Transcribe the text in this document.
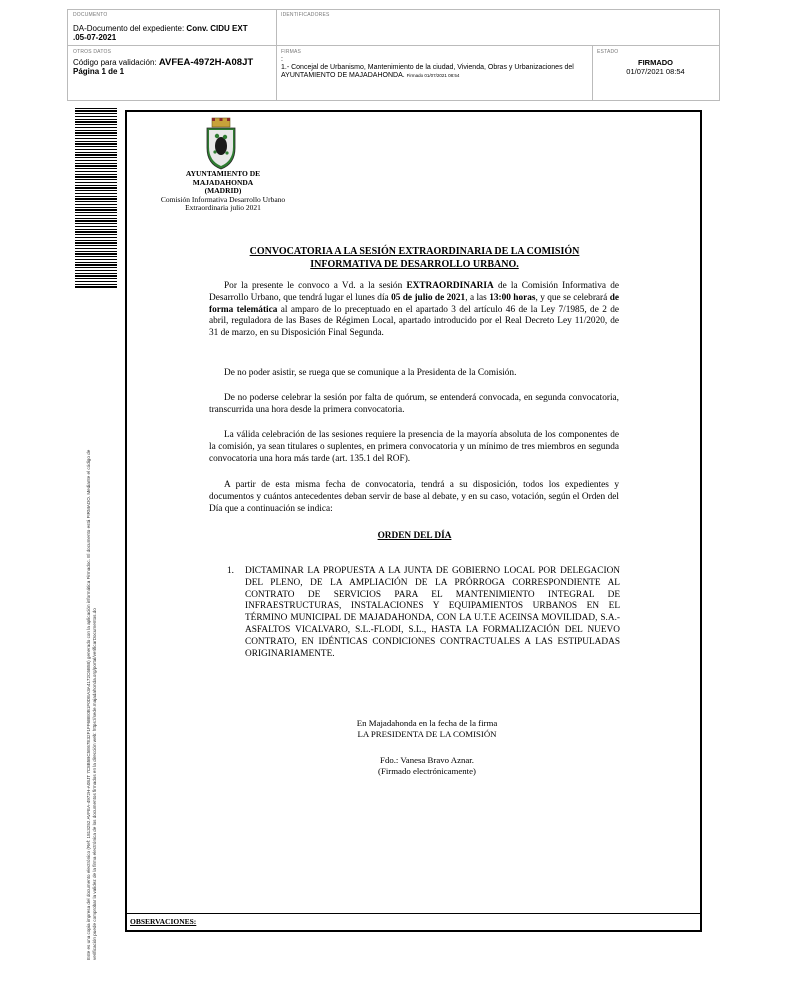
DOCUMENTO
DA-Documento del expediente: Conv. CIDU EXT
.05-07-2021
IDENTIFICADORES
OTROS DATOS
Código para validación: AVFEA-4972H-A08JT
Página 1 de 1
FIRMAS
:
1.- Concejal de Urbanismo, Mantenimiento de la ciudad, Vivienda, Obras y Urbanizaciones del AYUNTAMIENTO DE MAJADAHONDA. Firmado 01/07/2021 08:54
ESTADO
FIRMADO
01/07/2021 08:54
Este es una copia impresa del documento electrónico (Ref: 1813252 AVFEA-4972H-A08JT 7C8B5BC5E67E32F1FF6BE0B1F0DEA3A4172C6B58) generado con la aplicación informática Firmadoc. El documento está FIRMADO. Mediante el código de verificación puede comprobar la validez de la firma electrónica de los documentos firmados en la dirección web: https://sede.majadahonda.org/portal/verificarDocumentos.do
AYUNTAMIENTO DE
MAJADAHONDA
(MADRID)
Comisión Informativa Desarrollo Urbano
Extraordinaria julio 2021
CONVOCATORIA A LA SESIÓN EXTRAORDINARIA DE LA COMISIÓN
INFORMATIVA DE DESARROLLO URBANO.
Por la presente le convoco a Vd. a la sesión EXTRAORDINARIA de la Comisión Informativa de Desarrollo Urbano, que tendrá lugar el lunes día 05 de julio de 2021, a las 13:00 horas, y que se celebrará de forma telemática al amparo de lo preceptuado en el apartado 3 del artículo 46 de la Ley 7/1985, de 2 de abril, reguladora de las Bases de Régimen Local, apartado introducido por el Real Decreto Ley 11/2020, de 31 de marzo, en su Disposición Final Segunda.
De no poder asistir, se ruega que se comunique a la Presidenta de la Comisión.
De no poderse celebrar la sesión por falta de quórum, se entenderá convocada, en segunda convocatoria, transcurrida una hora desde la primera convocatoria.
La válida celebración de las sesiones requiere la presencia de la mayoría absoluta de los componentes de la comisión, ya sean titulares o suplentes, en primera convocatoria y un mínimo de tres miembros en segunda convocatoria una hora más tarde (art. 135.1 del ROF).
A partir de esta misma fecha de convocatoria, tendrá a su disposición, todos los expedientes y documentos y cuántos antecedentes deban servir de base al debate, y en su caso, votación, según el Orden del Día que a continuación se indica:
ORDEN DEL DÍA
1. DICTAMINAR LA PROPUESTA A LA JUNTA DE GOBIERNO LOCAL POR DELEGACION DEL PLENO, DE LA AMPLIACIÓN DE LA PRÓRROGA CORRESPONDIENTE AL CONTRATO DE SERVICIOS PARA EL MANTENIMIENTO INTEGRAL DE INFRAESTRUCTURAS, INSTALACIONES Y EQUIPAMIENTOS URBANOS EN EL TÉRMINO MUNICIPAL DE MAJADAHONDA, CON LA U.T.E ACEINSA MOVILIDAD, S.A.-ASFALTOS VICALVARO, S.L.-FLODI, S.L., HASTA LA FORMALIZACIÓN DEL NUEVO CONTRATO, EN IDÉNTICAS CONDICIONES CONTRACTUALES A LAS ESTIPULADAS ORIGINARIAMENTE.
En Majadahonda en la fecha de la firma
LA PRESIDENTA DE LA COMISIÓN
Fdo.: Vanesa Bravo Aznar.
(Firmado electrónicamente)
OBSERVACIONES:
